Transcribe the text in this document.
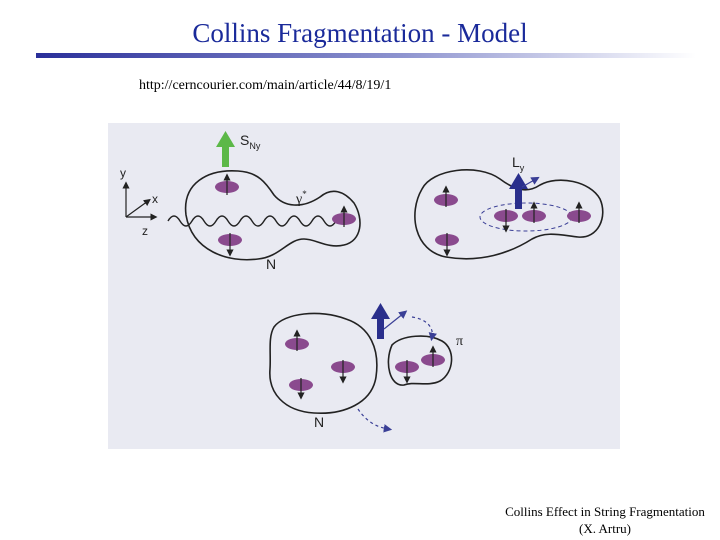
Collins Fragmentation - Model
http://cerncourier.com/main/article/44/8/19/1
y
x
z
$S_{Ny}$
γ*
N
$L_y$
π
N
Collins Effect in String Fragmentation
(X. Artru)
